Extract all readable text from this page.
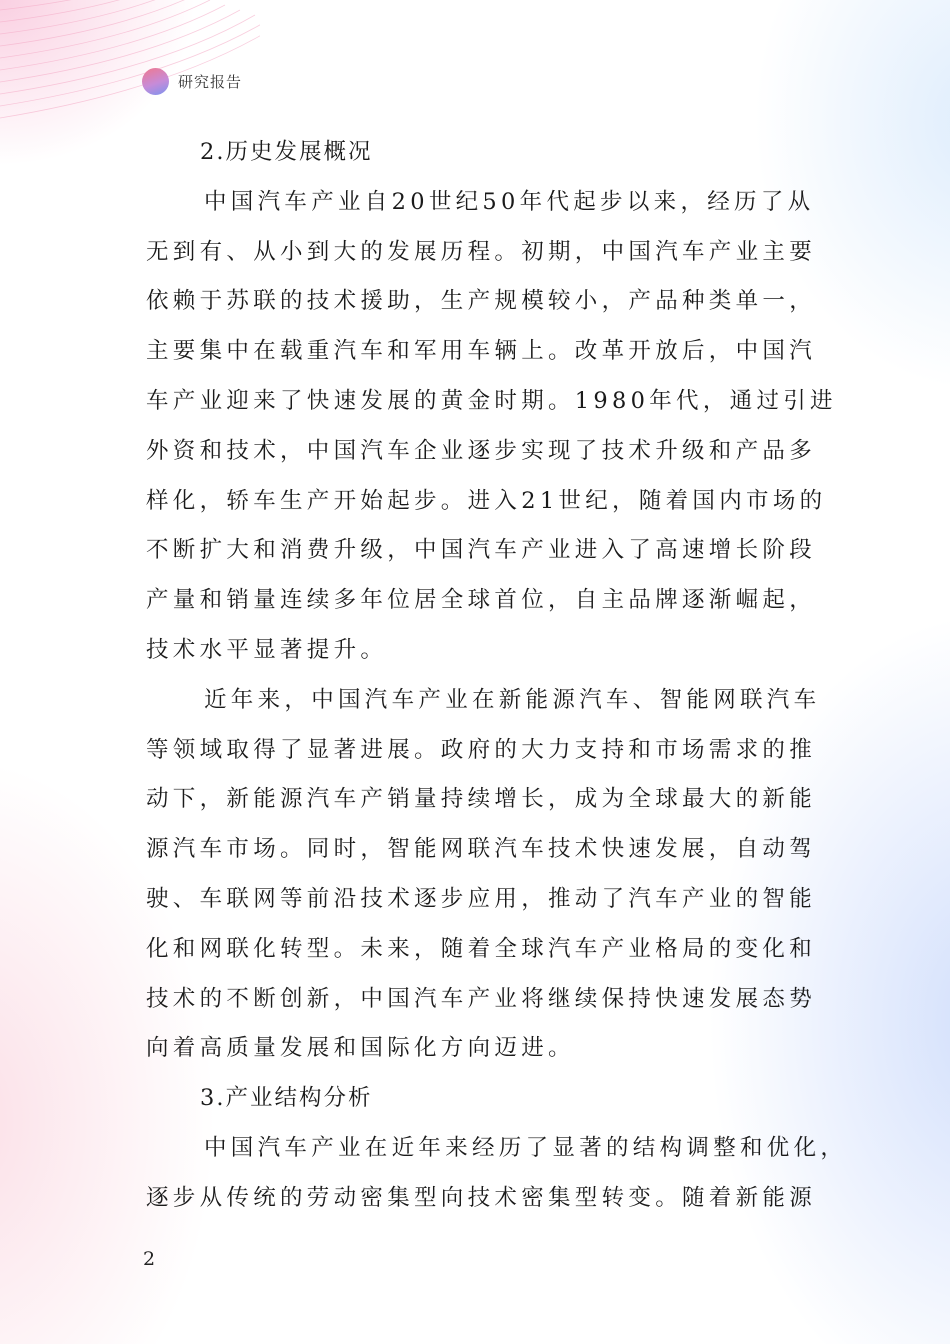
研究报告
2.历史发展概况
中国汽车产业自20世纪50年代起步以来，经历了从
无到有、从小到大的发展历程。初期，中国汽车产业主要
依赖于苏联的技术援助，生产规模较小，产品种类单一，
主要集中在载重汽车和军用车辆上。改革开放后，中国汽
车产业迎来了快速发展的黄金时期。1980年代，通过引进
外资和技术，中国汽车企业逐步实现了技术升级和产品多
样化，轿车生产开始起步。进入21世纪，随着国内市场的
不断扩大和消费升级，中国汽车产业进入了高速增长阶段
产量和销量连续多年位居全球首位，自主品牌逐渐崛起，
技术水平显著提升。
近年来，中国汽车产业在新能源汽车、智能网联汽车
等领域取得了显著进展。政府的大力支持和市场需求的推
动下，新能源汽车产销量持续增长，成为全球最大的新能
源汽车市场。同时，智能网联汽车技术快速发展，自动驾
驶、车联网等前沿技术逐步应用，推动了汽车产业的智能
化和网联化转型。未来，随着全球汽车产业格局的变化和
技术的不断创新，中国汽车产业将继续保持快速发展态势
向着高质量发展和国际化方向迈进。
3.产业结构分析
中国汽车产业在近年来经历了显著的结构调整和优化，
逐步从传统的劳动密集型向技术密集型转变。随着新能源
2
